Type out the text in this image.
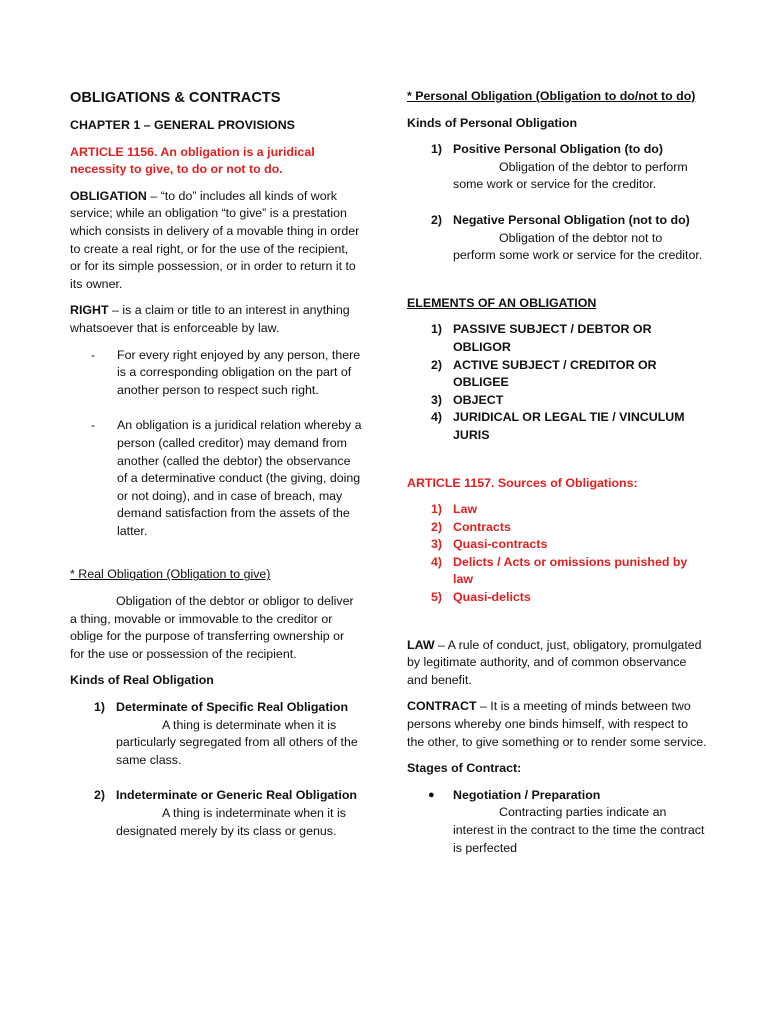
OBLIGATIONS & CONTRACTS

CHAPTER 1 – GENERAL PROVISIONS

ARTICLE 1156. An obligation is a juridical necessity to give, to do or not to do.

OBLIGATION – “to do” includes all kinds of work service; while an obligation “to give” is a prestation which consists in delivery of a movable thing in order to create a real right, or for the use of the recipient, or for its simple possession, or in order to return it to its owner.

RIGHT – is a claim or title to an interest in anything whatsoever that is enforceable by law.

- For every right enjoyed by any person, there is a corresponding obligation on the part of another person to respect such right.

- An obligation is a juridical relation whereby a person (called creditor) may demand from another (called the debtor) the observance of a determinative conduct (the giving, doing or not doing), and in case of breach, may demand satisfaction from the assets of the latter.

* Real Obligation (Obligation to give)

Obligation of the debtor or obligor to deliver a thing, movable or immovable to the creditor or oblige for the purpose of transferring ownership or for the use or possession of the recipient.

Kinds of Real Obligation

1) Determinate of Specific Real Obligation

A thing is determinate when it is particularly segregated from all others of the same class.

2) Indeterminate or Generic Real Obligation

A thing is indeterminate when it is designated merely by its class or genus.

* Personal Obligation (Obligation to do/not to do)

Kinds of Personal Obligation

1) Positive Personal Obligation (to do)

Obligation of the debtor to perform some work or service for the creditor.

2) Negative Personal Obligation (not to do)

Obligation of the debtor not to perform some work or service for the creditor.

ELEMENTS OF AN OBLIGATION

1) PASSIVE SUBJECT / DEBTOR OR OBLIGOR

2) ACTIVE SUBJECT / CREDITOR OR OBLIGEE

3) OBJECT

4) JURIDICAL OR LEGAL TIE / VINCULUM JURIS

ARTICLE 1157. Sources of Obligations:

1) Law

2) Contracts

3) Quasi-contracts

4) Delicts / Acts or omissions punished by law

5) Quasi-delicts

LAW – A rule of conduct, just, obligatory, promulgated by legitimate authority, and of common observance and benefit.

CONTRACT – It is a meeting of minds between two persons whereby one binds himself, with respect to the other, to give something or to render some service.

Stages of Contract:

● Negotiation / Preparation

Contracting parties indicate an interest in the contract to the time the contract is perfected
